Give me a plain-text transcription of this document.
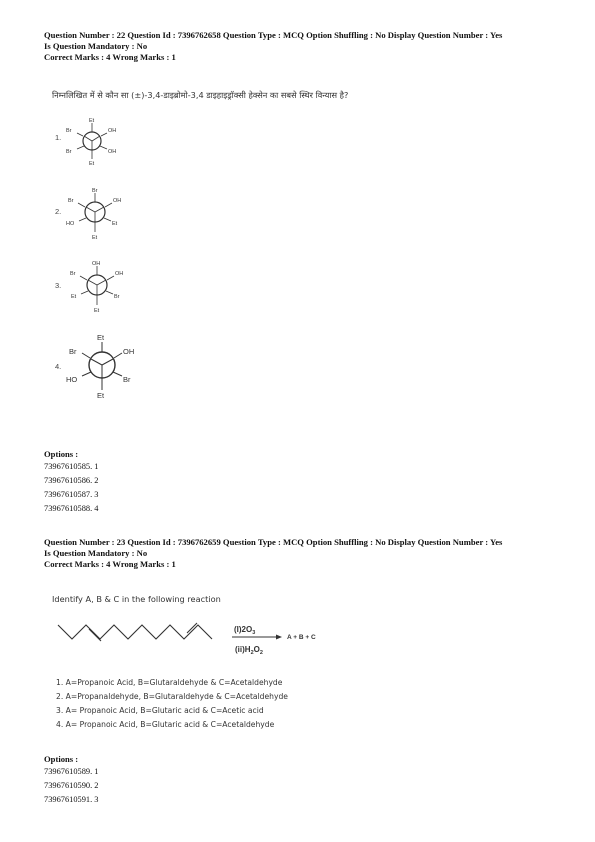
Question Number : 22 Question Id : 7396762658 Question Type : MCQ Option Shuffling : No Display Question Number : Yes
Is Question Mandatory : No
Correct Marks : 4 Wrong Marks : 1
निम्नलिखित में से कौन सा (±)-3,4-डाइब्रोमो-3,4 डाइहाइड्रॉक्सी हेक्सेन का सबसे स्थिर विन्यास है?
1.
Et
Br	OH
Br	OH
Et
2.
Br
Br	OH
HO	Et
Et
3.
OH
Br	OH
Et	Br
Et
4.
Et
Br	OH
HO	Br
Et
Options :
73967610585. 1
73967610586. 2
73967610587. 3
73967610588. 4
Question Number : 23 Question Id : 7396762659 Question Type : MCQ Option Shuffling : No Display Question Number : Yes
Is Question Mandatory : No
Correct Marks : 4 Wrong Marks : 1
Identify A, B & C in the following reaction
$(I)2O_3$
$(ii)H_2O_2$
A + B + C
1. A=Propanoic Acid, B=Glutaraldehyde & C=Acetaldehyde
2. A=Propanaldehyde, B=Glutaraldehyde & C=Acetaldehyde
3. A= Propanoic Acid, B=Glutaric acid & C=Acetic acid
4. A= Propanoic Acid, B=Glutaric acid & C=Acetaldehyde
Options :
73967610589. 1
73967610590. 2
73967610591. 3
